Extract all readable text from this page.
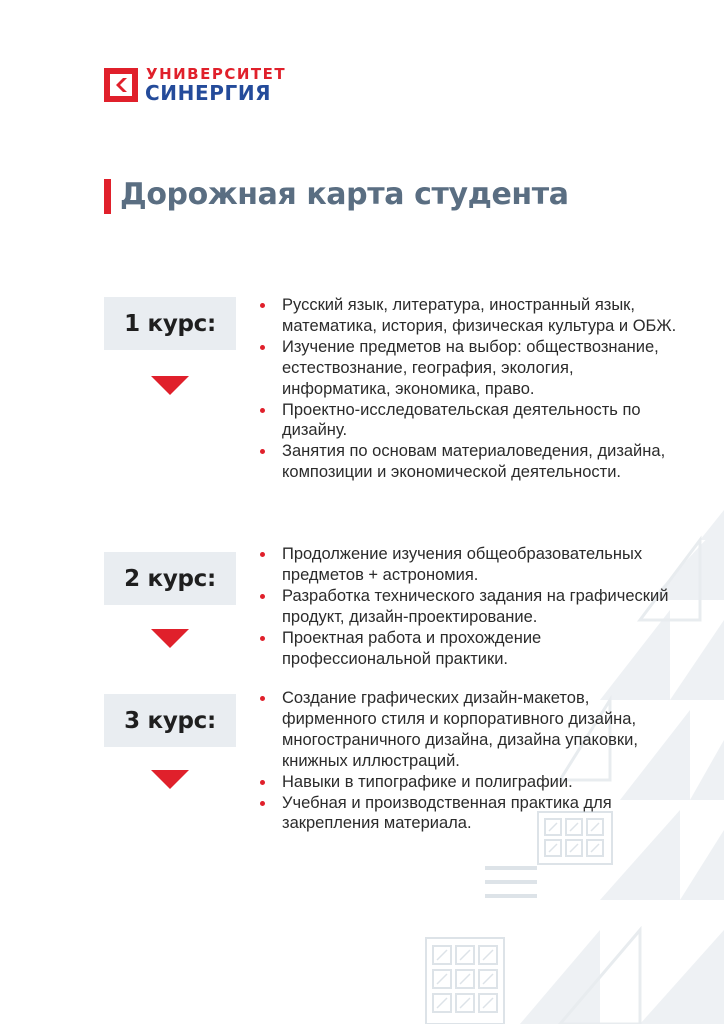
УНИВЕРСИТЕТ
СИНЕРГИЯ
Дорожная карта студента
1 курс:
Русский язык, литература, иностранный язык, математика, история, физическая культура и ОБЖ.
Изучение предметов на выбор: обществознание, естествознание, география, экология, информатика, экономика, право.
Проектно-исследовательская деятельность по дизайну.
Занятия по основам материаловедения, дизайна, композиции и экономической деятельности.
2 курс:
Продолжение изучения общеобразовательных предметов + астрономия.
Разработка технического задания на графический продукт, дизайн-проектирование.
Проектная работа и прохождение профессиональной практики.
3 курс:
Создание графических дизайн-макетов, фирменного стиля и корпоративного дизайна, многостраничного дизайна, дизайна упаковки, книжных иллюстраций.
Навыки в типографике и полиграфии.
Учебная и производственная практика для закрепления материала.
